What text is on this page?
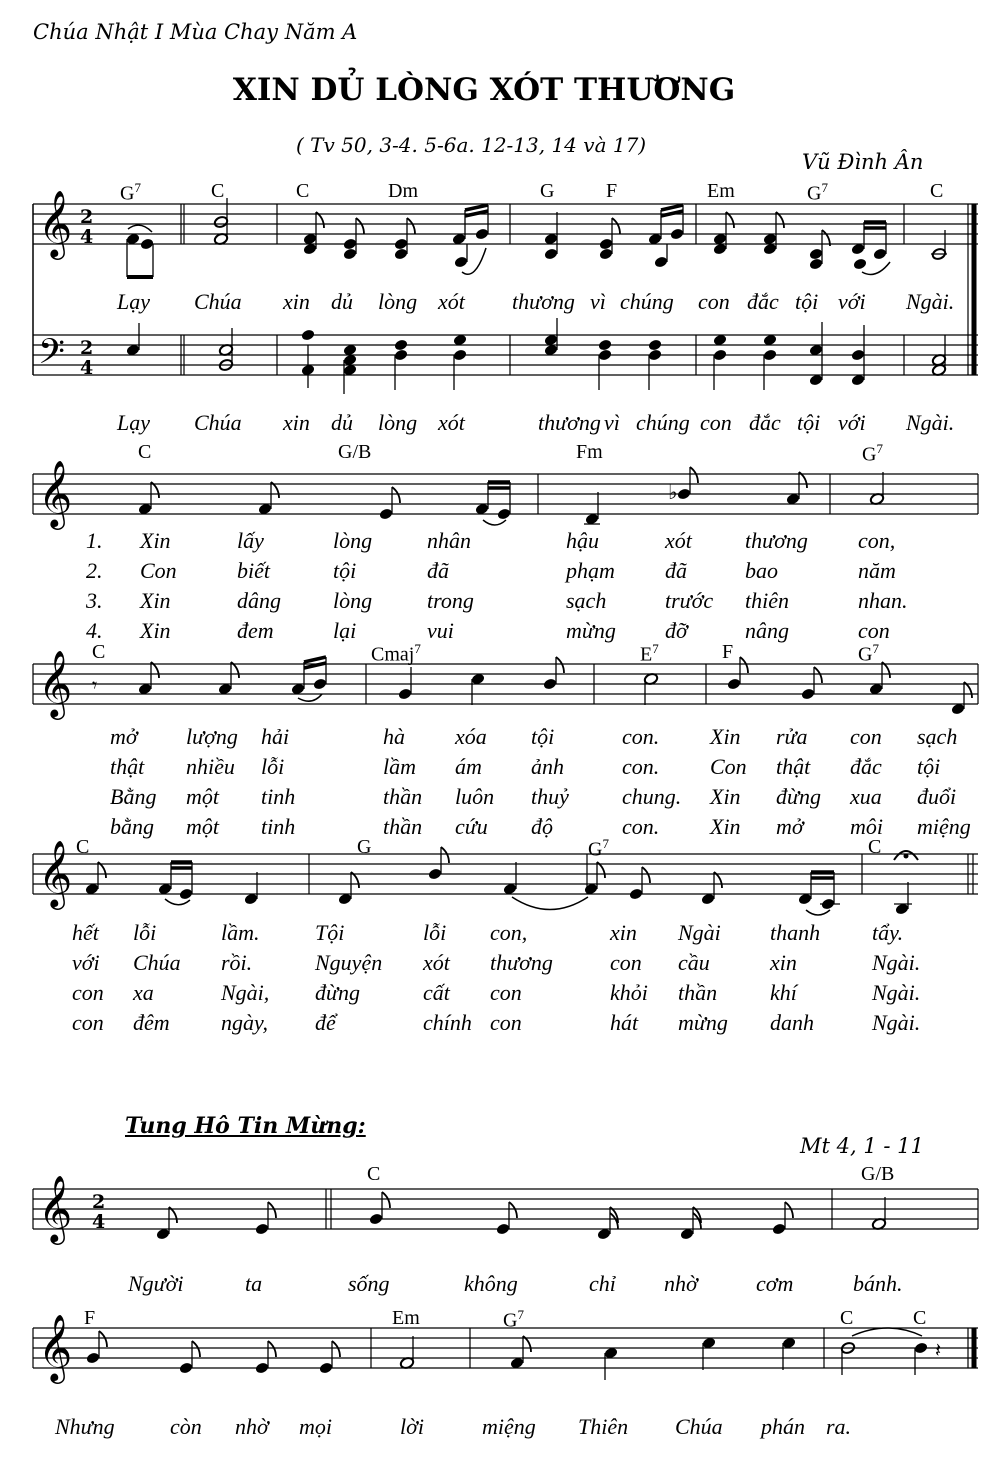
Chúa Nhật I Mùa Chay Năm A
XIN DỦ LÒNG XÓT THƯƠNG
( Tv 50, 3-4. 5-6a. 12-13, 14 và 17)
Vũ Đình Ân
Tung Hô Tin Mừng:
Mt 4, 1 - 11
𝄞
𝄢
2
4
2
4
𝄞	♭
𝄞 𝄾
𝄞
𝄞 2
4
𝄞	𝄽
$G^7$	C	C	Dm	G	F	Em	$G^7$	C
Lạy Chúa xin dủ lòng xót thương vì chúng con đắc tội với Ngài.
Lạy Chúa xin dủ lòng xót	thương vì chúng con đắc tội với Ngài.
C	G/B	Fm	$G^7$
1. Xin	lấy	lòng nhân	hậu	xót thương con,
2. Con	biết	tội	đã	phạm đã	bao	năm
3. Xin	dâng lòng trong	sạch	trước thiên	nhan.
4. Xin	đem	lại	vui	mừng đỡ	nâng	con
C	Cmaj$^7$	$E^7$	F	$G^7$
mở lượng hải	hà xóa tội	con. Xin rửa con sạch
thật nhiều lỗi	lầm ám ảnh	con. Con thật đắc tội
Bằng một tinh	thần luôn thuỷ chung. Xin đừng xua đuổi
bằng một tinh	thần cứu độ	con. Xin mở môi miệng
C	G	$G^7$	C
hết lỗi	lầm.	Tội	lỗi con,	xin Ngài thanh tẩy.
với Chúa rồi.	Nguyện xót thương	con cầu	xin	Ngài.
con xa	Ngài, đừng	cất con	khỏi thần khí	Ngài.
con đêm ngày, để	chính con	hát mừng danh	Ngài.
C	G/B
Người	ta	sống	không	chỉ nhờ	cơm	bánh.
F	Em	$G^7$	C	C
Nhưng	còn nhờ mọi	lời	miệng Thiên Chúa phán ra.
